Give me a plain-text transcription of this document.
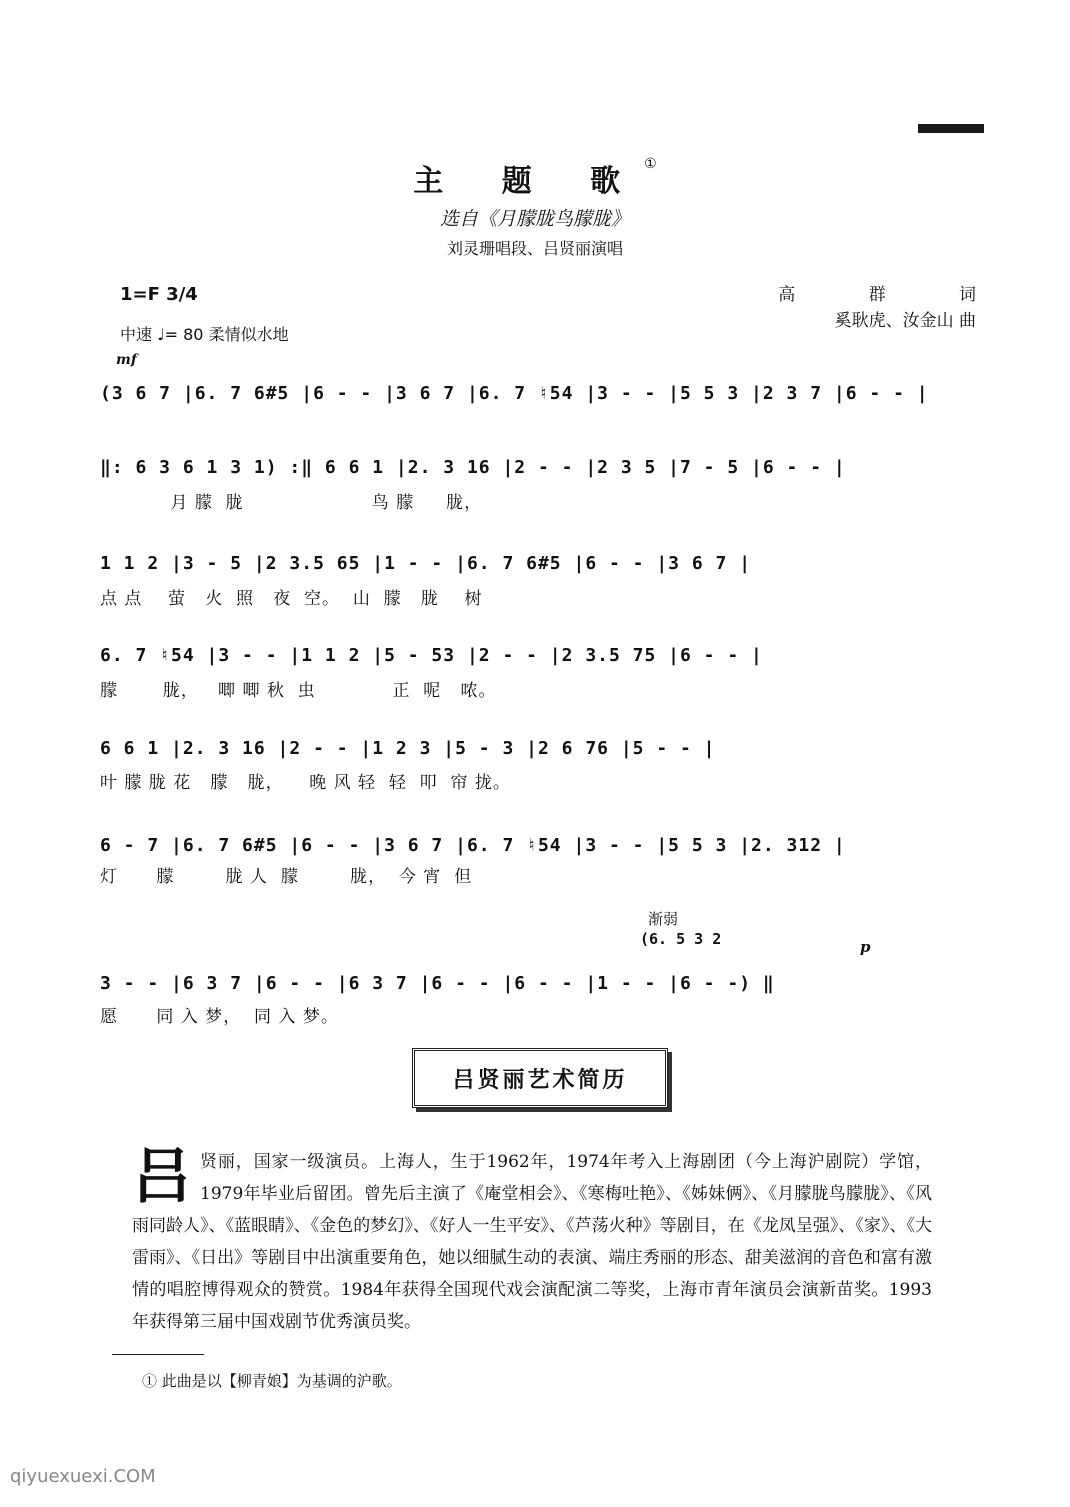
主 题 歌①
选自《月朦胧鸟朦胧》
刘灵珊唱段、吕贤丽演唱
1=F 3/4
中速 ♩= 80 柔情似水地
mf
高 群 词
奚耿虎、汝金山 曲
(3 6 7 |6. 7 6#5 |6 - - |3 6 7 |6. 7 ♮54 |3 - - |5 5 3 |2 3 7 |6 - - |
‖: 6 3 6 1 3 1) :‖ 6 6 1 |2. 3 16 |2 - - |2 3 5 |7 - 5 |6 - - |
月 朦  胧                    鸟 朦     胧，
1 1 2 |3 - 5 |2 3.5 65 |1 - - |6. 7 6#5 |6 - - |3 6 7 |
点 点    萤   火  照   夜  空。  山  朦   胧    树
6. 7 ♮54 |3 - - |1 1 2 |5 - 53 |2 - - |2 3.5 75 |6 - - |
朦       胧，   唧 唧 秋  虫            正  呢   哝。
6 6 1 |2. 3 16 |2 - - |1 2 3 |5 - 3 |2 6 76 |5 - - |
叶 朦 胧 花   朦   胧，    晚 风 轻  轻  叩  帘 拢。
6 - 7 |6. 7 6#5 |6 - - |3 6 7 |6. 7 ♮54 |3 - - |5 5 3 |2. 312 |
灯      朦        胧 人  朦        胧，  今 宵  但
渐弱
(6. 5 3 2	p
3 - - |6 3 7 |6 - - |6 3 7 |6 - - |6 - - |1 - - |6 - -) ‖
愿      同 入 梦，  同 入 梦。
吕贤丽艺术简历
吕贤丽，国家一级演员。上海人，生于1962年，1974年考入上海剧团（今上海沪剧院）学馆，1979年毕业后留团。曾先后主演了《庵堂相会》、《寒梅吐艳》、《姊妹俩》、《月朦胧鸟朦胧》、《风雨同龄人》、《蓝眼睛》、《金色的梦幻》、《好人一生平安》、《芦荡火种》等剧目，在《龙凤呈强》、《家》、《大雷雨》、《日出》等剧目中出演重要角色，她以细腻生动的表演、端庄秀丽的形态、甜美滋润的音色和富有激情的唱腔博得观众的赞赏。1984年获得全国现代戏会演配演二等奖，上海市青年演员会演新苗奖。1993年获得第三届中国戏剧节优秀演员奖。
① 此曲是以【柳青娘】为基调的沪歌。
qiyuexuexi.COM
